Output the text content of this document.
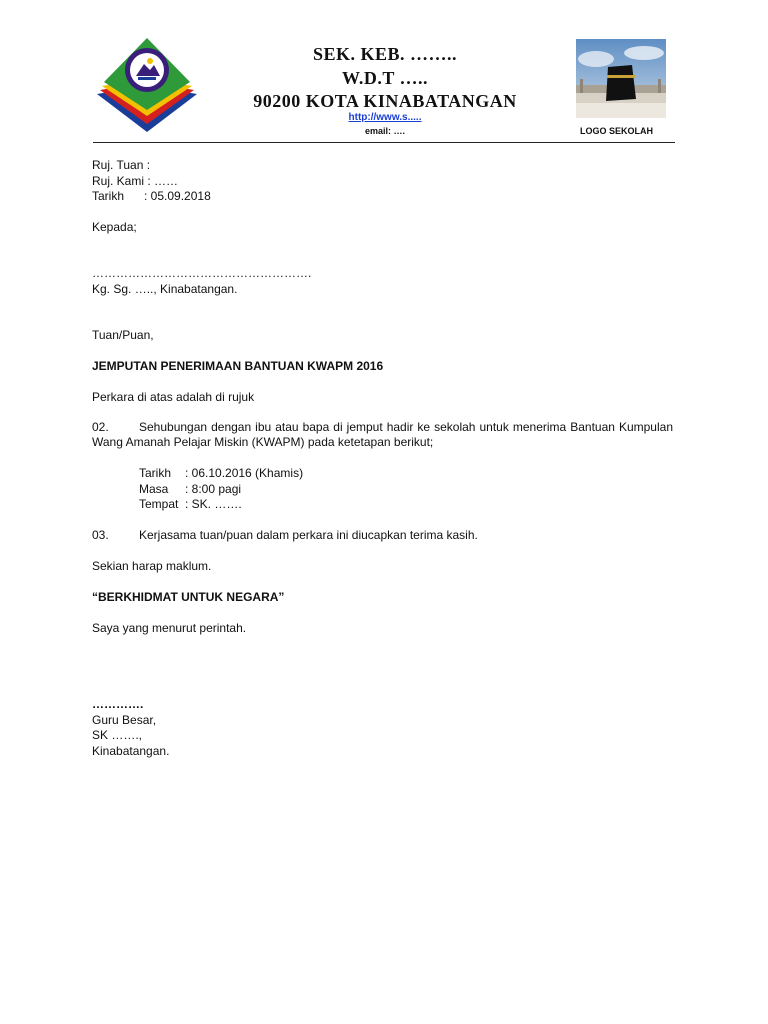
SEK. KEB. ……..
W.D.T …..
90200 KOTA KINABATANGAN
http://www.s.....
email: ….	LOGO SEKOLAH
Ruj. Tuan :
Ruj. Kami : ……
Tarikh      : 05.09.2018
Kepada;
……………………………………………….
Kg. Sg. ….., Kinabatangan.
Tuan/Puan,
JEMPUTAN PENERIMAAN BANTUAN KWAPM 2016
Perkara di atas adalah di rujuk
02.	Sehubungan dengan ibu atau bapa di jemput hadir ke sekolah untuk menerima Bantuan Kumpulan Wang Amanah Pelajar Miskin (KWAPM) pada ketetapan berikut;
Tarikh : 06.10.2016 (Khamis)
Masa : 8:00 pagi
Tempat : SK. …….
03.	Kerjasama tuan/puan dalam perkara ini diucapkan terima kasih.
Sekian harap maklum.
“BERKHIDMAT UNTUK NEGARA”
Saya yang menurut perintah.
………….
Guru Besar,
SK …….,
Kinabatangan.
